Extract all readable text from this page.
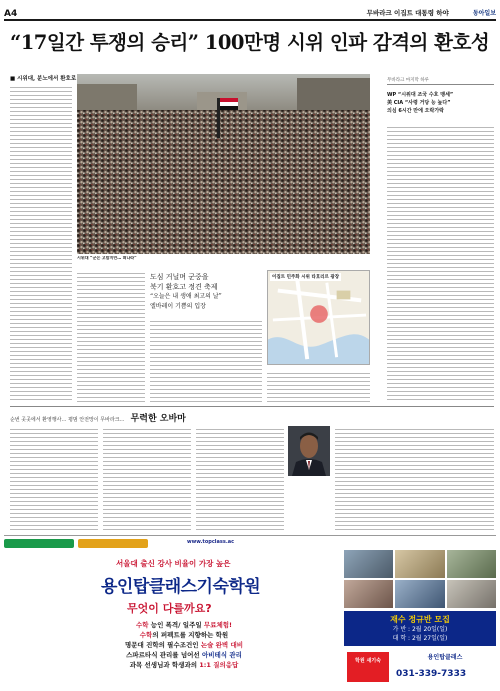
A4	무바라크 이집트 대통령 하야	동아일보
“17일간 투쟁의 승리” 100만명 시위 인파 감격의 환호성
■ 시위대, 분노에서 환호로
시위대 “군은 고맙지만… 떠나라”
무바라크 마지막 하루
WP “시위대 조국 수호 맹세”
美 CIA “사령 거당 능 높다”
의심 6시간 만에 오락가락
도심 거닐며 군중을
북기 환호고 정견 축제
“오늘은 내 생애 최고의 날”
엘바레이 기쁨의 입장
이집트 민주화 시위 타흐리르 광장
순번 곳곳에서 환영행사… 평범 안전망이 무바라크… 무력한 오바마
www.topclass.ac
서울대 출신 강사 비율이 가장 높은
용인탑클래스기숙학원
무엇이 다를까요?
수학 능인 폭격/ 일주일 무료체험!
수학의 퍼펙트를 지향하는 학원
명문대 진학의 필수조건인 논술 완벽 대비
스파르타식 관리를 넘어선 아비테식 관리
과목 선생님과 학생과의 1:1 질의응답
재수 정규반 모집
가 반 : 2월 20일(일)
대 학 : 2월 27일(일)
학원 새기숙	용인탑클래스
031-339-7333
